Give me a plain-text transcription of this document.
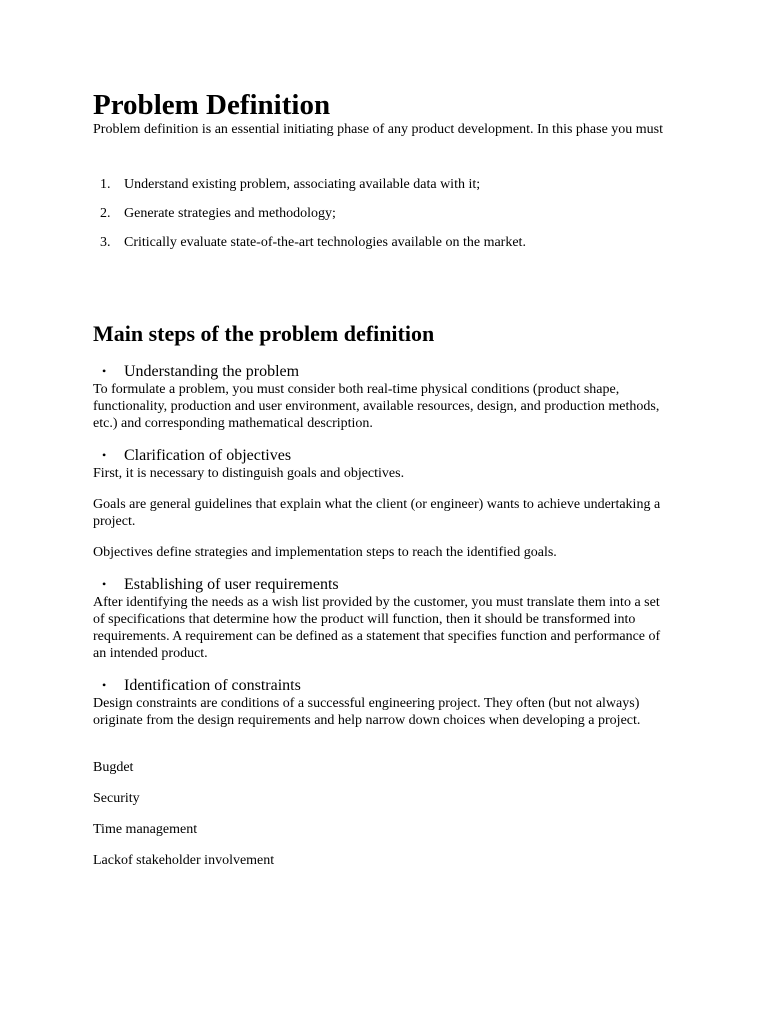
Problem Definition

Problem definition is an essential initiating phase of any product development. In this phase you must

1. Understand existing problem, associating available data with it;
2. Generate strategies and methodology;
3. Critically evaluate state-of-the-art technologies available on the market.
Main steps of the problem definition
• Understanding the problem

To formulate a problem, you must consider both real-time physical conditions (product shape, functionality, production and user environment, available resources, design, and production methods, etc.) and corresponding mathematical description.

• Clarification of objectives

First, it is necessary to distinguish goals and objectives.

Goals are general guidelines that explain what the client (or engineer) wants to achieve undertaking a project.

Objectives define strategies and implementation steps to reach the identified goals.

• Establishing of user requirements

After identifying the needs as a wish list provided by the customer, you must translate them into a set of specifications that determine how the product will function, then it should be transformed into requirements. A requirement can be defined as a statement that specifies function and performance of an intended product.

• Identification of constraints

Design constraints are conditions of a successful engineering project. They often (but not always) originate from the design requirements and help narrow down choices when developing a project.

Bugdet

Security

Time management

Lackof stakeholder involvement
